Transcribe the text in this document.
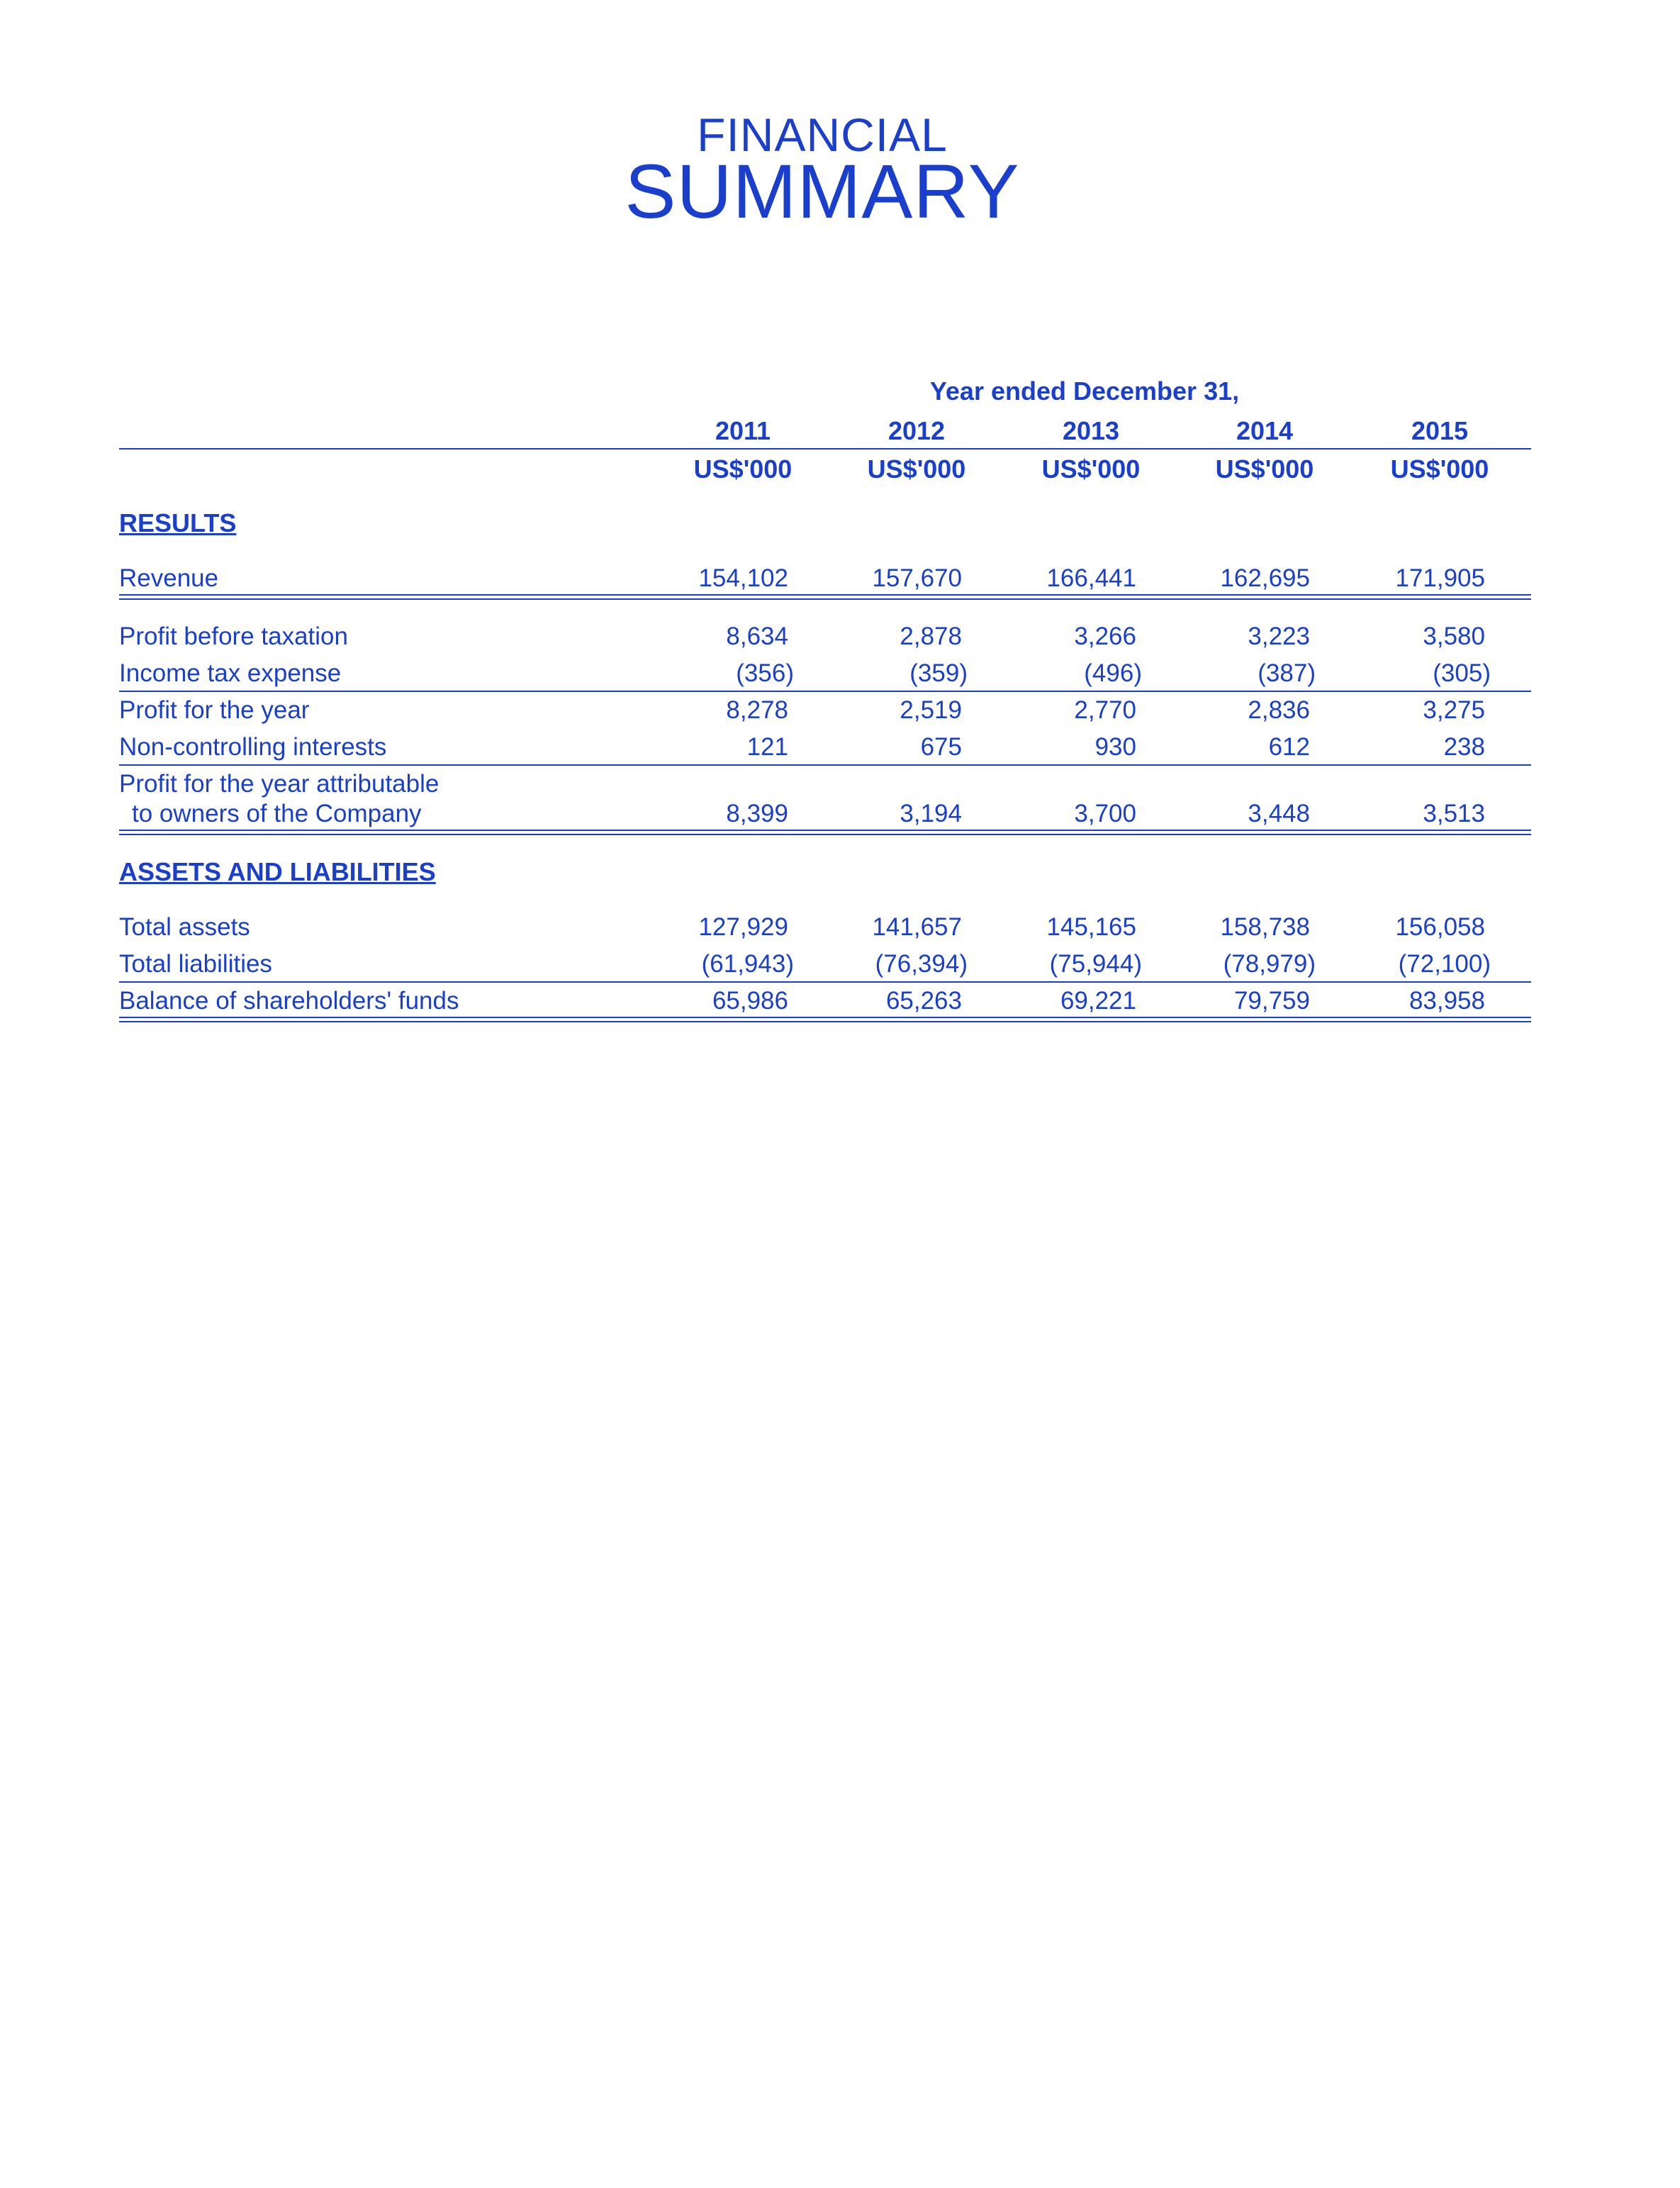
FINANCIAL
SUMMARY
Year ended December 31,
2011	2012	2013	2014	2015
US$'000	US$'000	US$'000	US$'000	US$'000
RESULTS
Revenue	154,102	157,670	166,441	162,695	171,905
Profit before taxation	8,634	2,878	3,266	3,223	3,580
Income tax expense	(356)	(359)	(496)	(387)	(305)
Profit for the year	8,278	2,519	2,770	2,836	3,275
Non-controlling interests	121	675	930	612	238
Profit for the year attributable
to owners of the Company	8,399	3,194	3,700	3,448	3,513
ASSETS AND LIABILITIES
Total assets	127,929	141,657	145,165	158,738	156,058
Total liabilities	(61,943)	(76,394)	(75,944)	(78,979)	(72,100)
Balance of shareholders' funds	65,986	65,263	69,221	79,759	83,958
